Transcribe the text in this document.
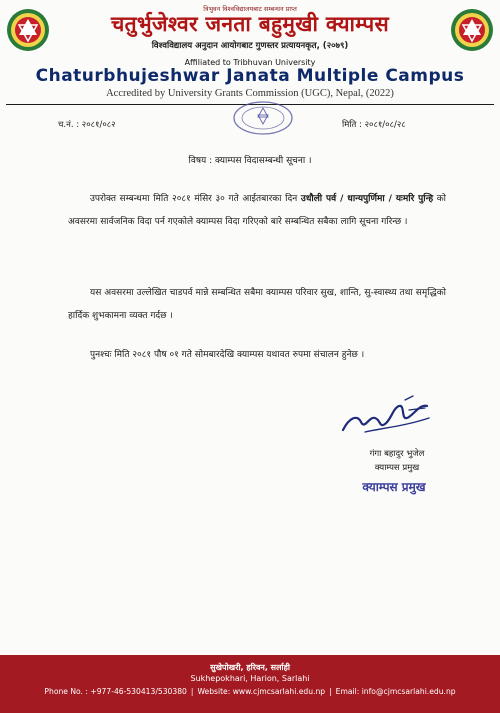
त्रिभुवन विश्वविद्यालयबाट सम्बन्धन प्राप्त
चतुर्भुजेश्वर जनता बहुमुखी क्याम्पस
विश्वविद्यालय अनुदान आयोगबाट गुणस्तर प्रत्यायनकृत, (२०७९)
Affiliated to Tribhuvan University
Chaturbhujeshwar Janata Multiple Campus
Accredited by University Grants Commission (UGC), Nepal, (2022)
च.नं. : २०८१/०८२	मिति : २०८१/०८/२८
विषय : क्याम्पस विदासम्बन्धी सूचना ।
उपरोक्त सम्बन्धमा मिति २०८१ मंसिर ३० गते आईतबारका दिन उधौली पर्व / धान्यपुर्णिमा / यःमरि पुन्हि को अवसरमा सार्वजनिक विदा पर्न गएकोले क्याम्पस विदा गरिएको बारे सम्बन्धित सबैका लागि सूचना गरिन्छ ।
यस अवसरमा उल्लेखित चाडपर्व मान्ने सम्बन्धित सबैमा क्याम्पस परिवार सुख, शान्ति, सु-स्वास्थ्य तथा समृद्धिको हार्दिक शुभकामना व्यक्त गर्दछ ।
पुनश्चः मिति २०८१ पौष ०१ गते सोमबारदेखि क्याम्पस यथावत रुपमा संचालन हुनेछ ।
गंगा बहादुर भुजेल
क्याम्पस प्रमुख
क्याम्पस प्रमुख
सुखेपोखरी, हरिवन, सर्लाही
Sukhepokhari, Harion, Sarlahi
Phone No. : +977-46-530413/530380 | Website: www.cjmcsarlahi.edu.np | Email: info@cjmcsarlahi.edu.np
